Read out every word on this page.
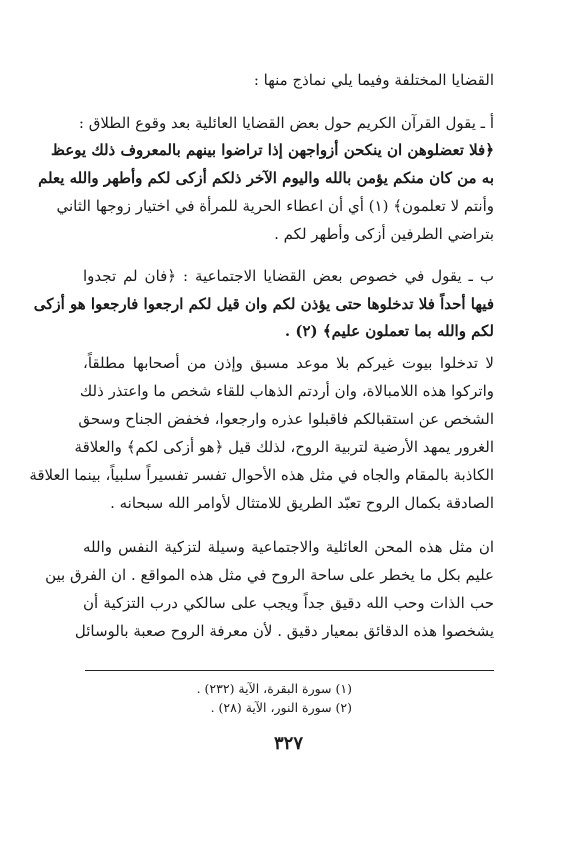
القضايا المختلفة وفيما يلي نماذج منها :
أ ـ يقول القرآن الكريم حول بعض القضايا العائلية بعد وقوع الطلاق :
﴿فلا تعضلوهن ان ينكحن أزواجهن إذا تراضوا بينهم بالمعروف ذلك يوعظ
به من كان منكم يؤمن بالله واليوم الآخر ذلكم أزكى لكم وأطهر والله يعلم
وأنتم لا تعلمون﴾ (١) أي أن اعطاء الحرية للمرأة في اختيار زوجها الثاني
بتراضي الطرفين أزكى وأطهر لكم .
ب ـ يقول في خصوص بعض القضايا الاجتماعية : ﴿فان لم تجدوا
فيها أحداً فلا تدخلوها حتى يؤذن لكم وان قيل لكم ارجعوا فارجعوا هو أزكى
لكم والله بما تعملون عليم﴾ (٢) .
لا تدخلوا بيوت غيركم بلا موعد مسبق وإذن من أصحابها مطلقاً،
واتركوا هذه اللامبالاة، وان أردتم الذهاب للقاء شخص ما واعتذر ذلك
الشخص عن استقبالكم فاقبلوا عذره وارجعوا، فخفض الجناح وسحق
الغرور يمهد الأرضية لتربية الروح، لذلك قيل ﴿هو أزكى لكم﴾ والعلاقة
الكاذبة بالمقام والجاه في مثل هذه الأحوال تفسر تفسيراً سلبياً، بينما العلاقة
الصادقة بكمال الروح تعبّد الطريق للامتثال لأوامر الله سبحانه .
ان مثل هذه المحن العائلية والاجتماعية وسيلة لتزكية النفس والله
عليم بكل ما يخطر على ساحة الروح في مثل هذه المواقع . ان الفرق بين
حب الذات وحب الله دقيق جداً ويجب على سالكي درب التزكية أن
يشخصوا هذه الدقائق بمعيار دقيق . لأن معرفة الروح صعبة بالوسائل
(١) سورة البقرة، الآية (٢٣٢) .
(٢) سورة النور، الآية (٢٨) .
٣٢٧
